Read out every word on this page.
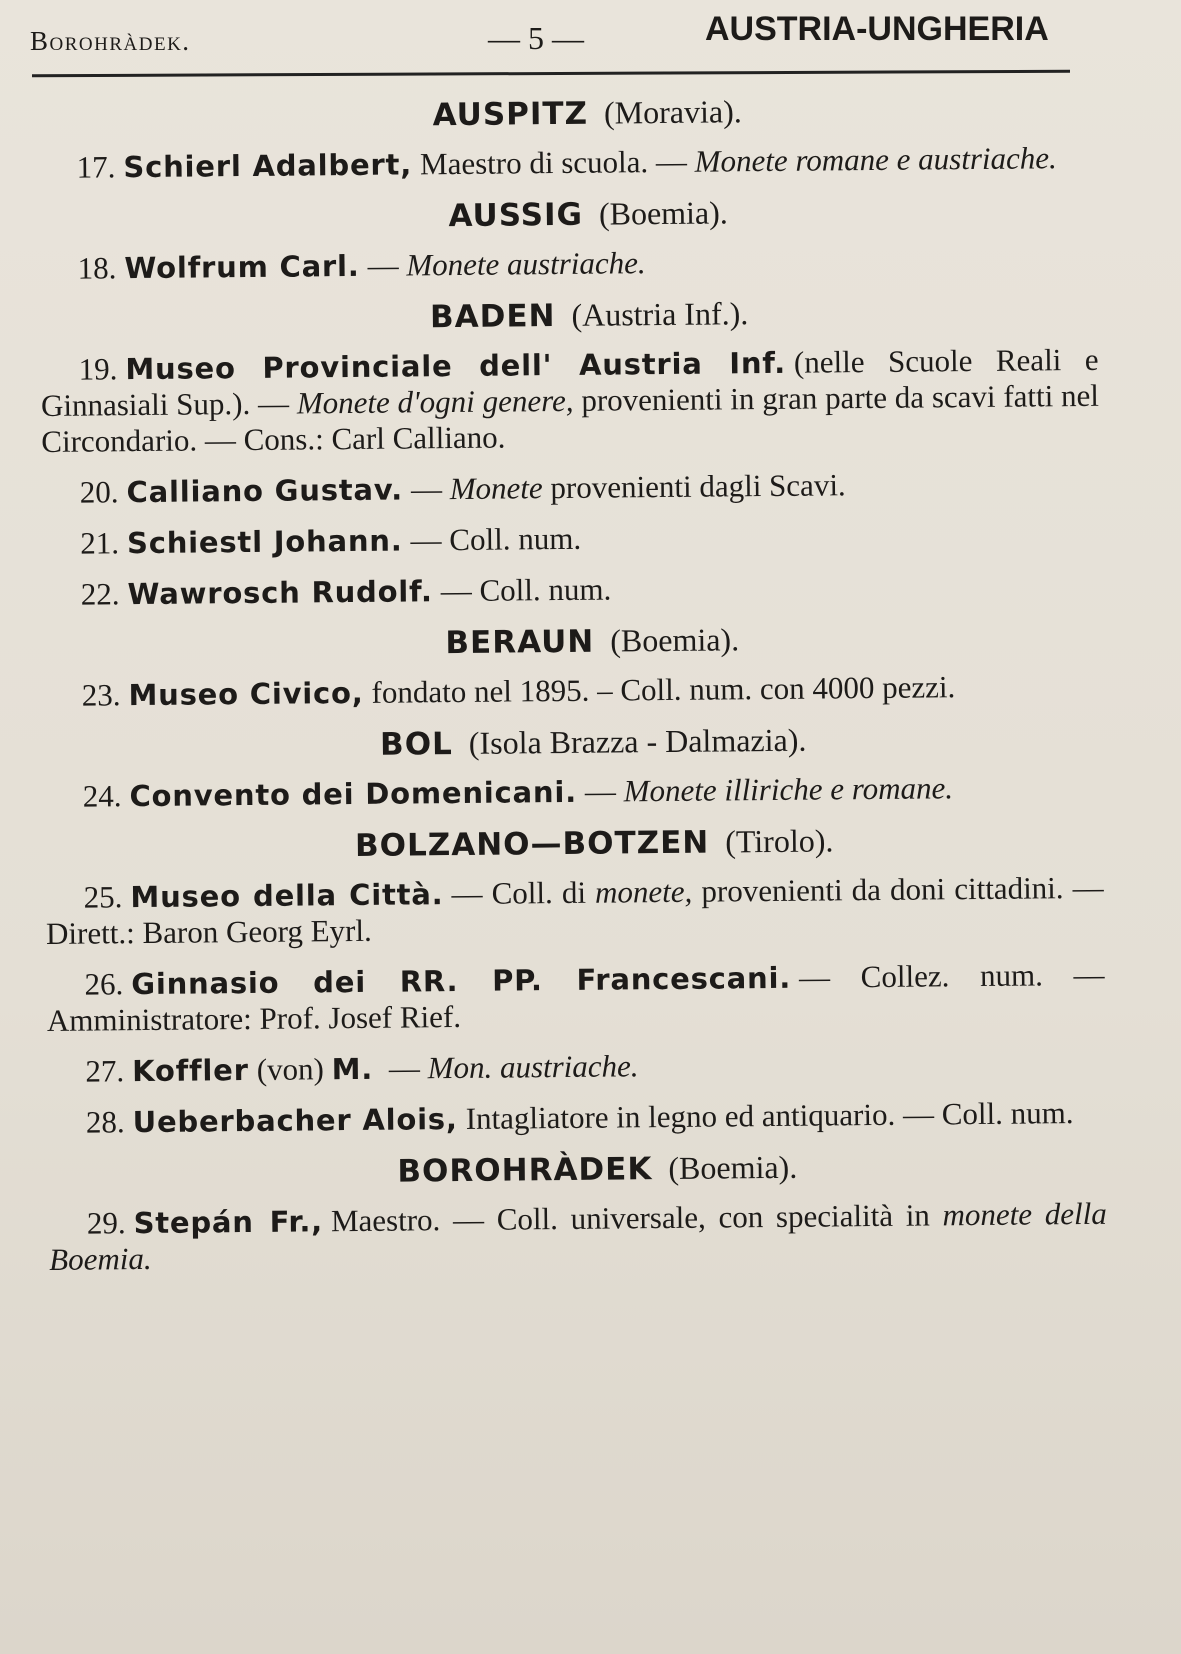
Borohràdek.	— 5 —	AUSTRIA-UNGHERIA
AUSPITZ (Moravia).

17. Schierl Adalbert, Maestro di scuola. — Monete romane e austriache.

AUSSIG (Boemia).

18. Wolfrum Carl. — Monete austriache.

BADEN (Austria Inf.).

19. Museo Provinciale dell' Austria Inf. (nelle Scuole Reali e Ginnasiali Sup.). — Monete d'ogni genere, provenienti in gran parte da scavi fatti nel Circondario. — Cons.: Carl Calliano.

20. Calliano Gustav. — Monete provenienti dagli Scavi.

21. Schiestl Johann. — Coll. num.

22. Wawrosch Rudolf. — Coll. num.

BERAUN (Boemia).

23. Museo Civico, fondato nel 1895. – Coll. num. con 4000 pezzi.

BOL (Isola Brazza - Dalmazia).

24. Convento dei Domenicani. — Monete illiriche e romane.

BOLZANO—BOTZEN (Tirolo).

25. Museo della Città. — Coll. di monete, provenienti da doni cittadini. — Dirett.: Baron Georg Eyrl.

26. Ginnasio dei RR. PP. Francescani. — Collez. num. — Amministratore: Prof. Josef Rief.

27. Koffler (von) M. — Mon. austriache.

28. Ueberbacher Alois, Intagliatore in legno ed antiquario. — Coll. num.

BOROHRÀDEK (Boemia).

29. Stepán Fr., Maestro. — Coll. universale, con specialità in monete della Boemia.
